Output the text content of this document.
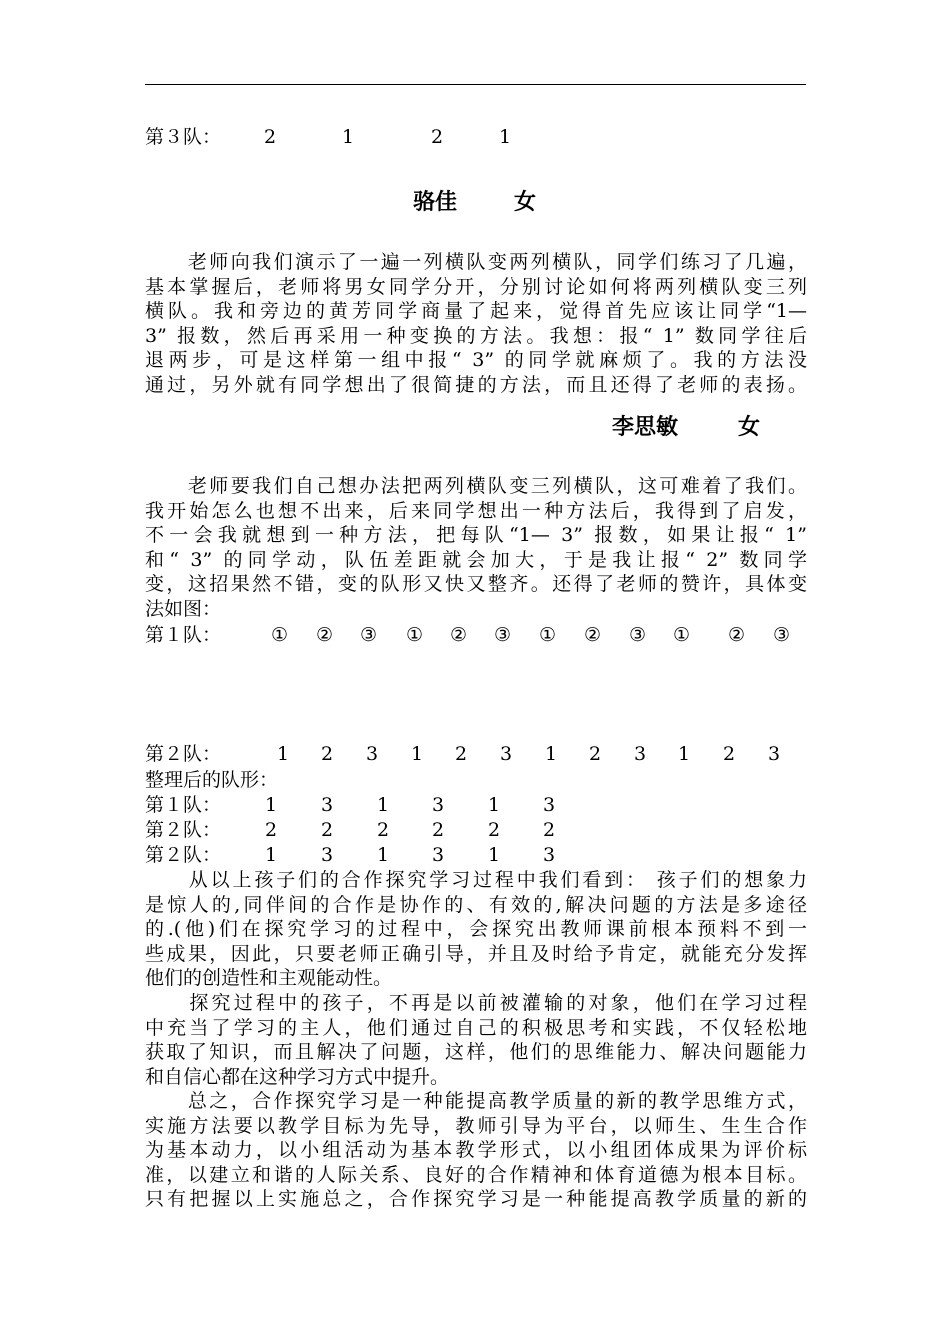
第３队： 2	1	2	1
骆佳	女
　　老师向我们演示了一遍一列横队变两列横队，同学们练习了几遍，
基本掌握后，老师将男女同学分开，分别讨论如何将两列横队变三列
横队。我和旁边的黄芳同学商量了起来，觉得首先应该让同学“1—
3” 报数，然后再采用一种变换的方法。我想：报“ 1” 数同学往后
退两步，可是这样第一组中报“ 3” 的同学就麻烦了。我的方法没
通过，另外就有同学想出了很简捷的方法，而且还得了老师的表扬。
李思敏	女
　　老师要我们自己想办法把两列横队变三列横队，这可难着了我们。
我开始怎么也想不出来，后来同学想出一种方法后，我得到了启发，
不一会我就想到一种方法，把每队“1— 3” 报数，如果让报“ 1”
和“ 3” 的同学动，队伍差距就会加大，于是我让报“ 2” 数同学
变，这招果然不错，变的队形又快又整齐。还得了老师的赞许，具体变
法如图：
第１队：	① ② ③ ① ② ③ ① ② ③ ① ② ③
第２队：	1 2 3 1 2 3 1 2 3 1 2 3
整理后的队形：
第１队： 1 3 1 3 1 3
第２队： 2 2 2 2 2 2
第２队： 1 3 1 3 1 3
　　从以上孩子们的合作探究学习过程中我们看到： 孩子们的想象力
是惊人的,同伴间的合作是协作的、有效的,解决问题的方法是多途径
的.(他)们在探究学习的过程中，会探究出教师课前根本预料不到一
些成果，因此，只要老师正确引导，并且及时给予肯定，就能充分发挥
他们的创造性和主观能动性。
　　探究过程中的孩子，不再是以前被灌输的对象，他们在学习过程
中充当了学习的主人，他们通过自己的积极思考和实践，不仅轻松地
获取了知识，而且解决了问题，这样，他们的思维能力、解决问题能力
和自信心都在这种学习方式中提升。
　　总之，合作探究学习是一种能提高教学质量的新的教学思维方式，
实施方法要以教学目标为先导，教师引导为平台，以师生、生生合作
为基本动力，以小组活动为基本教学形式，以小组团体成果为评价标
准，以建立和谐的人际关系、良好的合作精神和体育道德为根本目标。
只有把握以上实施总之，合作探究学习是一种能提高教学质量的新的
